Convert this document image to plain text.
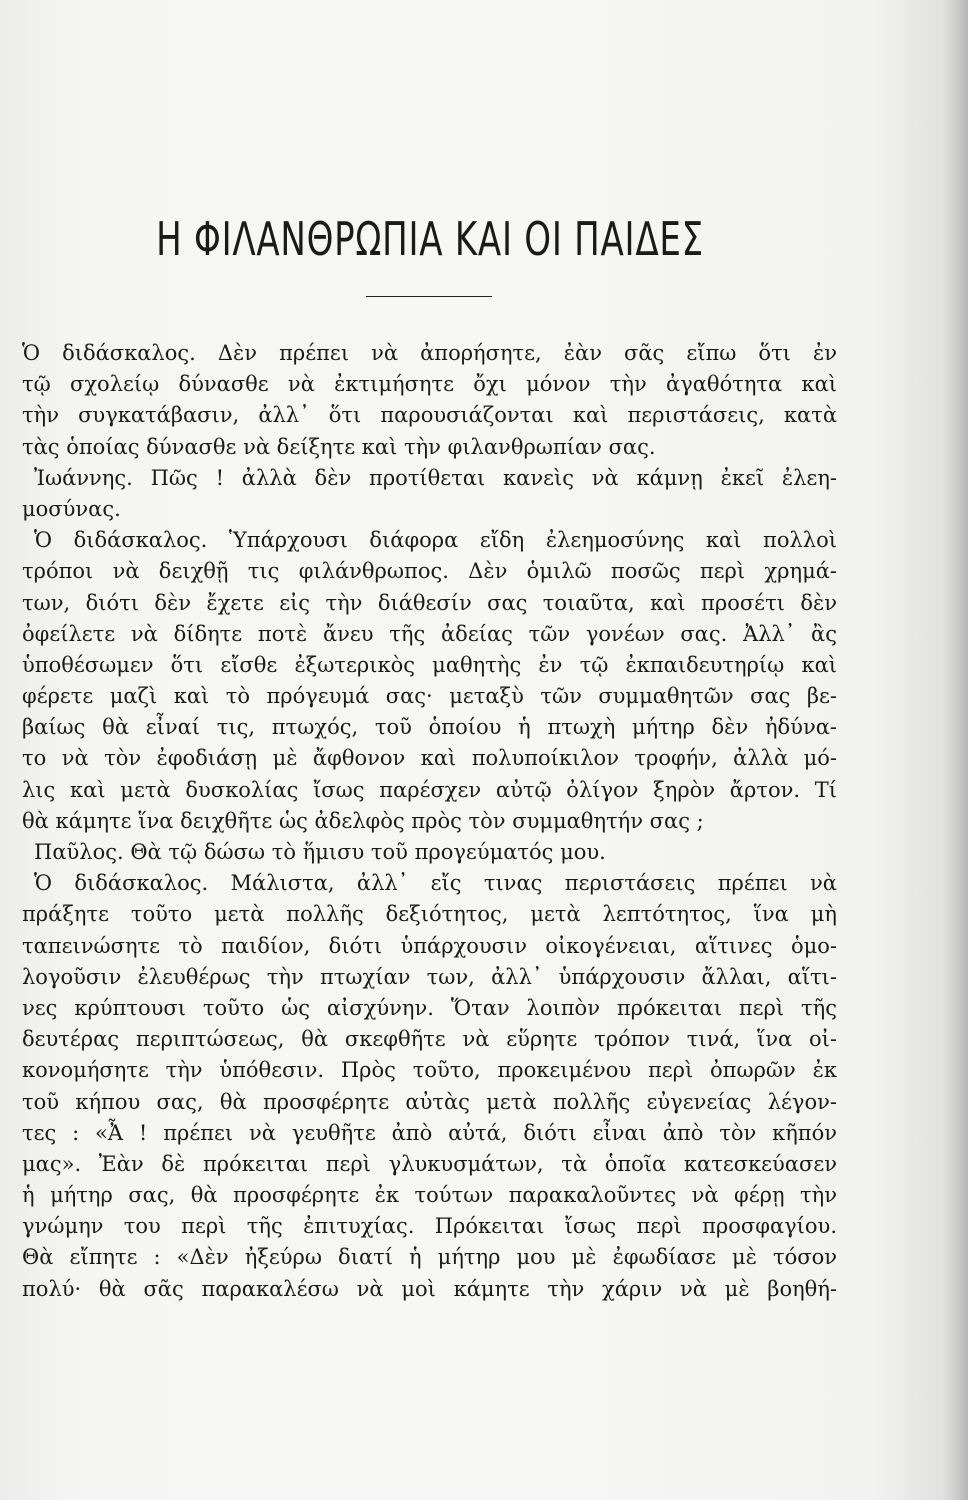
Η ΦΙΛΑΝΘΡΩΠΙΑ ΚΑΙ ΟΙ ΠΑΙΔΕΣ
Ὁ διδάσκαλος. Δὲν πρέπει νὰ ἀπορήσητε, ἐὰν σᾶς εἴπω ὅτι ἐν
τῷ σχολείῳ δύνασθε νὰ ἐκτιμήσητε ὄχι μόνον τὴν ἀγαθότητα καὶ
τὴν συγκατάβασιν, ἀλλ᾽ ὅτι παρουσιάζονται καὶ περιστάσεις, κατὰ
τὰς ὁποίας δύνασθε νὰ δείξητε καὶ τὴν φιλανθρωπίαν σας.
Ἰωάννης. Πῶς ! ἀλλὰ δὲν προτίθεται κανεὶς νὰ κάμνῃ ἐκεῖ ἐλεη-
μοσύνας.
Ὁ διδάσκαλος. Ὑπάρχουσι διάφορα εἴδη ἐλεημοσύνης καὶ πολλοὶ
τρόποι νὰ δειχθῇ τις φιλάνθρωπος. Δὲν ὁμιλῶ ποσῶς περὶ χρημά-
των, διότι δὲν ἔχετε εἰς τὴν διάθεσίν σας τοιαῦτα, καὶ προσέτι δὲν
ὀφείλετε νὰ δίδητε ποτὲ ἄνευ τῆς ἀδείας τῶν γονέων σας. Ἀλλ᾽ ἂς
ὑποθέσωμεν ὅτι εἴσθε ἐξωτερικὸς μαθητὴς ἐν τῷ ἐκπαιδευτηρίῳ καὶ
φέρετε μαζὶ καὶ τὸ πρόγευμά σας· μεταξὺ τῶν συμμαθητῶν σας βε-
βαίως θὰ εἶναί τις, πτωχός, τοῦ ὁποίου ἡ πτωχὴ μήτηρ δὲν ἠδύνα-
το νὰ τὸν ἐφοδιάσῃ μὲ ἄφθονον καὶ πολυποίκιλον τροφήν, ἀλλὰ μό-
λις καὶ μετὰ δυσκολίας ἴσως παρέσχεν αὐτῷ ὀλίγον ξηρὸν ἄρτον. Τί
θὰ κάμητε ἵνα δειχθῆτε ὡς ἀδελφὸς πρὸς τὸν συμμαθητήν σας ;
Παῦλος. Θὰ τῷ δώσω τὸ ἥμισυ τοῦ προγεύματός μου.
Ὁ διδάσκαλος. Μάλιστα, ἀλλ᾽ εἴς τινας περιστάσεις πρέπει νὰ
πράξητε τοῦτο μετὰ πολλῆς δεξιότητος, μετὰ λεπτότητος, ἵνα μὴ
ταπεινώσητε τὸ παιδίον, διότι ὑπάρχουσιν οἰκογένειαι, αἵτινες ὁμο-
λογοῦσιν ἐλευθέρως τὴν πτωχίαν των, ἀλλ᾽ ὑπάρχουσιν ἄλλαι, αἵτι-
νες κρύπτουσι τοῦτο ὡς αἰσχύνην. Ὅταν λοιπὸν πρόκειται περὶ τῆς
δευτέρας περιπτώσεως, θὰ σκεφθῆτε νὰ εὕρητε τρόπον τινά, ἵνα οἰ-
κονομήσητε τὴν ὑπόθεσιν. Πρὸς τοῦτο, προκειμένου περὶ ὀπωρῶν ἐκ
τοῦ κήπου σας, θὰ προσφέρητε αὐτὰς μετὰ πολλῆς εὐγενείας λέγον-
τες : «Ἆ ! πρέπει νὰ γευθῆτε ἀπὸ αὐτά, διότι εἶναι ἀπὸ τὸν κῆπόν
μας». Ἐὰν δὲ πρόκειται περὶ γλυκυσμάτων, τὰ ὁποῖα κατεσκεύασεν
ἡ μήτηρ σας, θὰ προσφέρητε ἐκ τούτων παρακαλοῦντες νὰ φέρῃ τὴν
γνώμην του περὶ τῆς ἐπιτυχίας. Πρόκειται ἴσως περὶ προσφαγίου.
Θὰ εἴπητε : «Δὲν ἠξεύρω διατί ἡ μήτηρ μου μὲ ἐφωδίασε μὲ τόσον
πολύ· θὰ σᾶς παρακαλέσω νὰ μοὶ κάμητε τὴν χάριν νὰ μὲ βοηθή-
